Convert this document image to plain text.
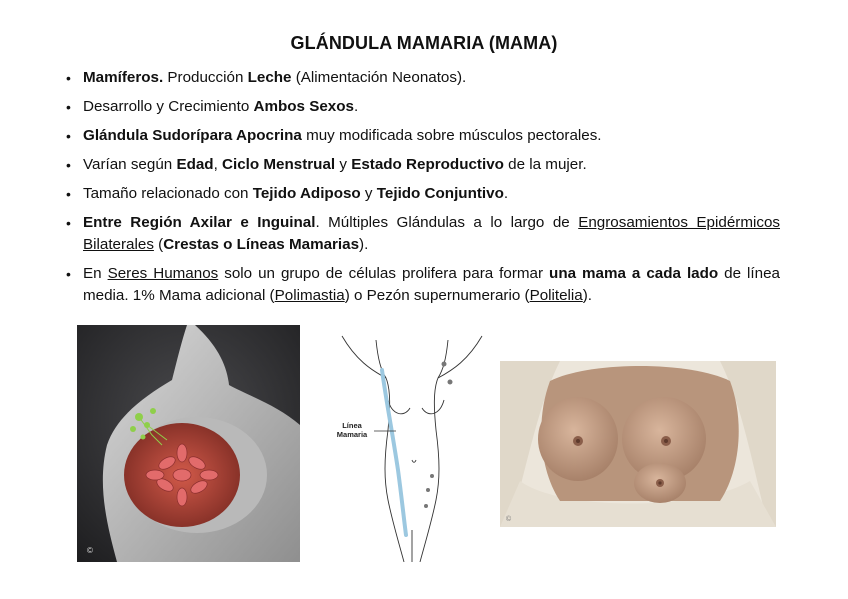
GLÁNDULA MAMARIA (MAMA)
• Mamíferos. Producción Leche (Alimentación Neonatos).
• Desarrollo y Crecimiento Ambos Sexos.
• Glándula Sudorípara Apocrina muy modificada sobre músculos pectorales.
• Varían según Edad, Ciclo Menstrual y Estado Reproductivo de la mujer.
• Tamaño relacionado con Tejido Adiposo y Tejido Conjuntivo.
• Entre Región Axilar e Inguinal. Múltiples Glándulas a lo largo de Engrosamientos Epidérmicos Bilaterales (Crestas o Líneas Mamarias).
• En Seres Humanos solo un grupo de células prolifera para formar una mama a cada lado de línea media. 1% Mama adicional (Polimastia) o Pezón supernumerario (Politelia).
©
Línea
Mamaria
©
